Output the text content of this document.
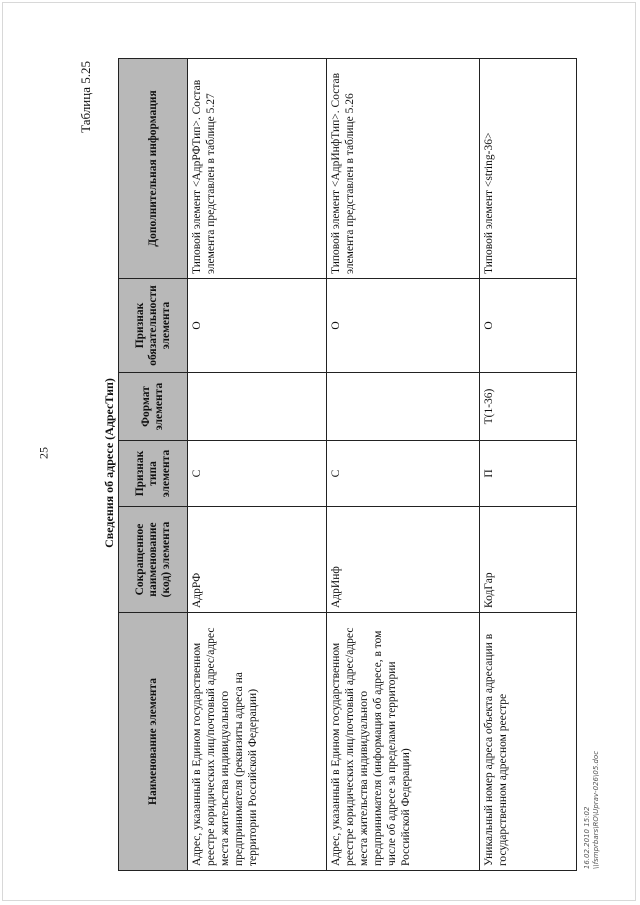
25
16.02.2010 15:02 \\fsmprbars\RO\Uprav-026\05.doc
Таблица 5.25
Сведения об адресе (АдресТип)
Наименование элемента	Сокращенное наименование (код) элемента	Признак типа элемента	Формат элемента	Признак обязательности элемента	Дополнительная информация
Адрес, указанный в Едином государственном реестре юридических лиц/почтовый адрес/адрес места жительства индивидуального предпринимателя (реквизиты адреса на территории Российской Федерации)	АдрРФ	С		О	Типовой элемент <АдрРФТип>. Состав элемента представлен в таблице 5.27
Адрес, указанный в Едином государственном реестре юридических лиц/почтовый адрес/адрес места жительства индивидуального предпринимателя (информация об адресе, в том числе об адресе за пределами территории Российской Федерации)	АдрИнф	С		О	Типовой элемент <АдрИнфТип>. Состав элемента представлен в таблице 5.26
Уникальный номер адреса объекта адресации в государственном адресном реестре	КодГар	П	T(1-36)	О	Типовой элемент <string-36>
